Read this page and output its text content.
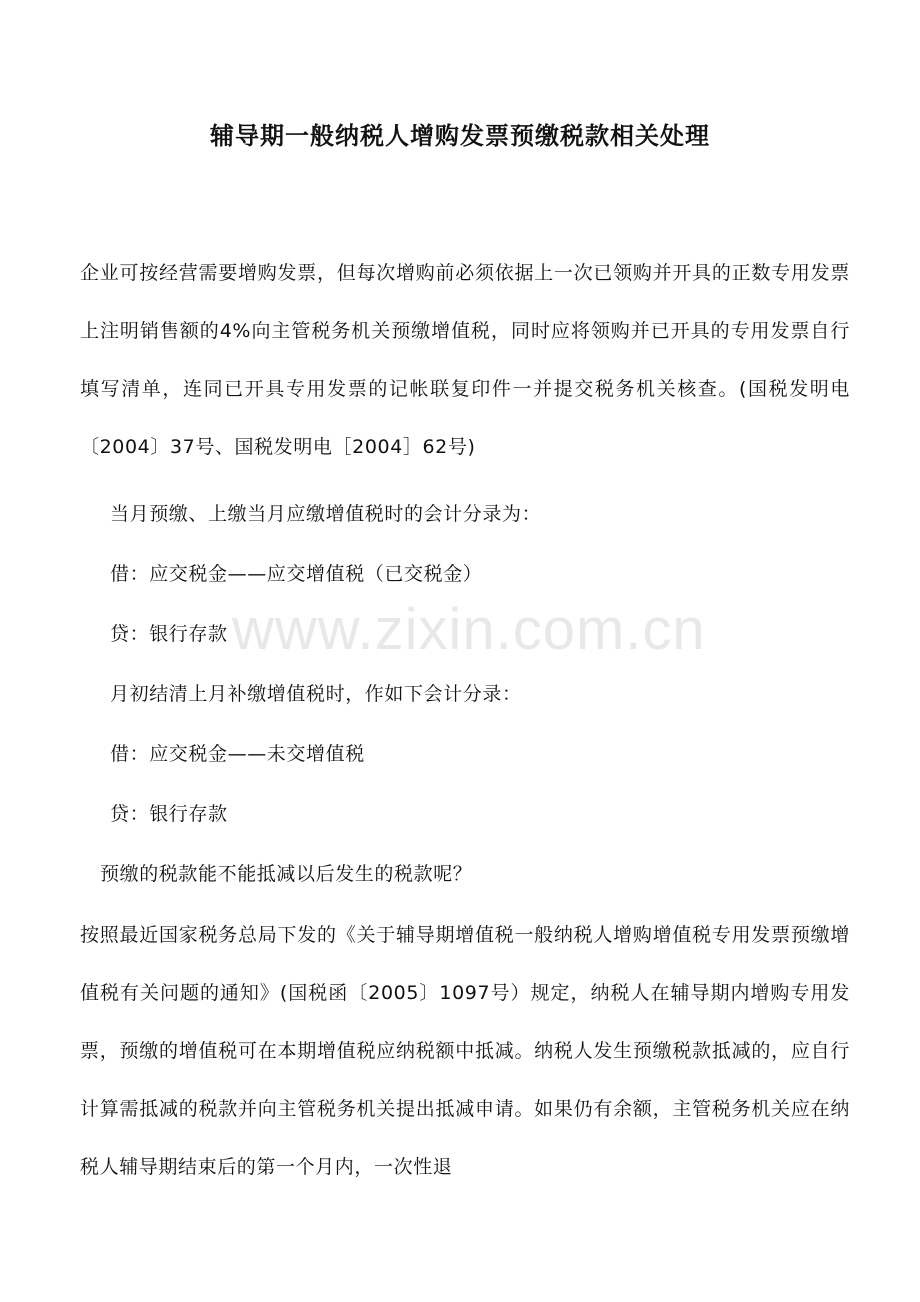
辅导期一般纳税人增购发票预缴税款相关处理
企业可按经营需要增购发票，但每次增购前必须依据上一次已领购并开具的正数专用发票上注明销售额的4%向主管税务机关预缴增值税，同时应将领购并已开具的专用发票自行填写清单，连同已开具专用发票的记帐联复印件一并提交税务机关核查。(国税发明电〔2004〕37号、国税发明电［2004］62号)
当月预缴、上缴当月应缴增值税时的会计分录为：
借：应交税金——应交增值税（已交税金）
贷：银行存款
月初结清上月补缴增值税时，作如下会计分录：
借：应交税金——未交增值税
贷：银行存款
预缴的税款能不能抵减以后发生的税款呢？
按照最近国家税务总局下发的《关于辅导期增值税一般纳税人增购增值税专用发票预缴增值税有关问题的通知》(国税函〔2005〕1097号）规定，纳税人在辅导期内增购专用发票，预缴的增值税可在本期增值税应纳税额中抵减。纳税人发生预缴税款抵减的，应自行计算需抵减的税款并向主管税务机关提出抵减申请。如果仍有余额，主管税务机关应在纳税人辅导期结束后的第一个月内，一次性退
www.zixin.com.cn
